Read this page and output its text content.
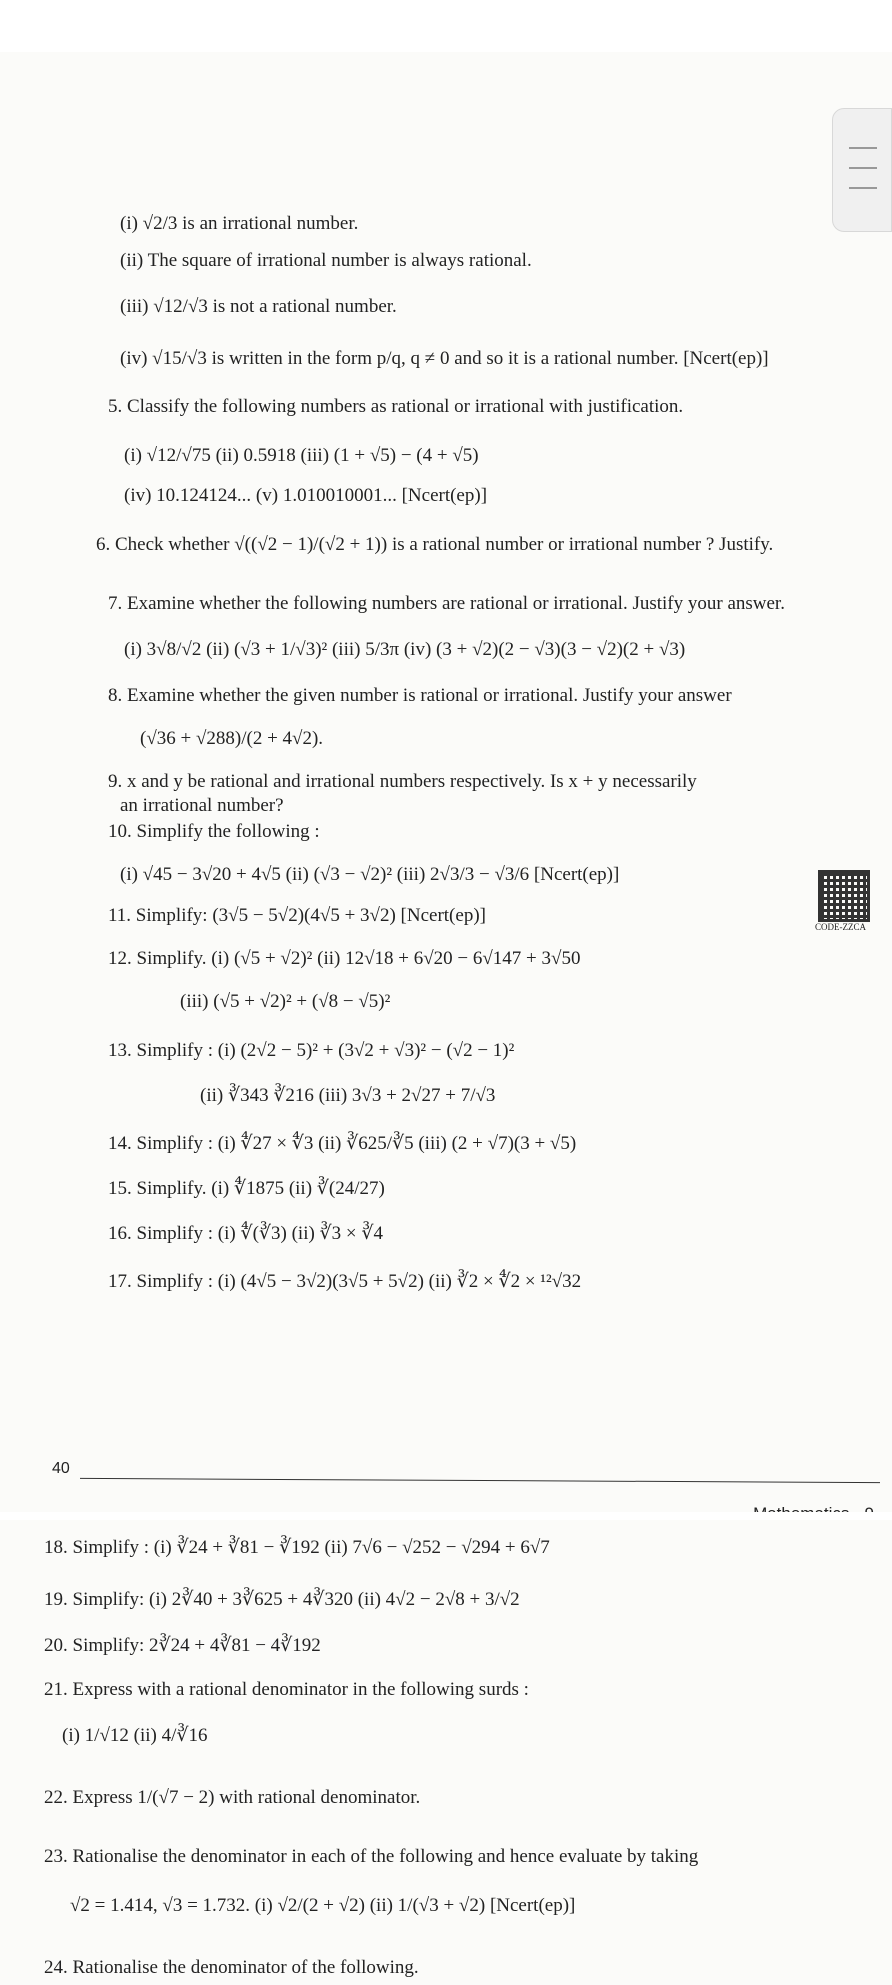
(i) √2/3 is an irrational number.
(ii) The square of irrational number is always rational.
(iii) √12/√3 is not a rational number.
(iv) √15/√3 is written in the form p/q, q ≠ 0 and so it is a rational number. [Ncert(ep)]
5. Classify the following numbers as rational or irrational with justification.
(i) √12/√75 (ii) 0.5918 (iii) (1 + √5) − (4 + √5)
(iv) 10.124124... (v) 1.010010001... [Ncert(ep)]
6. Check whether √((√2 − 1)/(√2 + 1)) is a rational number or irrational number ? Justify.
7. Examine whether the following numbers are rational or irrational. Justify your answer.
(i) 3√8/√2 (ii) (√3 + 1/√3)² (iii) 5/3π (iv) (3 + √2)(2 − √3)(3 − √2)(2 + √3)
8. Examine whether the given number is rational or irrational. Justify your answer
(√36 + √288)/(2 + 4√2).
9. x and y be rational and irrational numbers respectively. Is x + y necessarily
an irrational number?
10. Simplify the following :
(i) √45 − 3√20 + 4√5 (ii) (√3 − √2)² (iii) 2√3/3 − √3/6 [Ncert(ep)]
11. Simplify: (3√5 − 5√2)(4√5 + 3√2) [Ncert(ep)]
12. Simplify. (i) (√5 + √2)² (ii) 12√18 + 6√20 − 6√147 + 3√50
(iii) (√5 + √2)² + (√8 − √5)²
13. Simplify : (i) (2√2 − 5)² + (3√2 + √3)² − (√2 − 1)²
(ii) ∛343 ∛216 (iii) 3√3 + 2√27 + 7/√3
14. Simplify : (i) ∜27 × ∜3 (ii) ∛625/∛5 (iii) (2 + √7)(3 + √5)
15. Simplify. (i) ∜1875 (ii) ∛(24/27)
16. Simplify : (i) ∜(∛3) (ii) ∛3 × ∛4
17. Simplify : (i) (4√5 − 3√2)(3√5 + 5√2) (ii) ∛2 × ∜2 × ¹²√32
CODE-ZZCA
40
18. Simplify : (i) ∛24 + ∛81 − ∛192 (ii) 7√6 − √252 − √294 + 6√7
19. Simplify: (i) 2∛40 + 3∛625 + 4∛320 (ii) 4√2 − 2√8 + 3/√2
20. Simplify: 2∛24 + 4∛81 − 4∛192
21. Express with a rational denominator in the following surds :
(i) 1/√12 (ii) 4/∛16
22. Express 1/(√7 − 2) with rational denominator.
23. Rationalise the denominator in each of the following and hence evaluate by taking
√2 = 1.414, √3 = 1.732. (i) √2/(2 + √2) (ii) 1/(√3 + √2) [Ncert(ep)]
24. Rationalise the denominator of the following.
